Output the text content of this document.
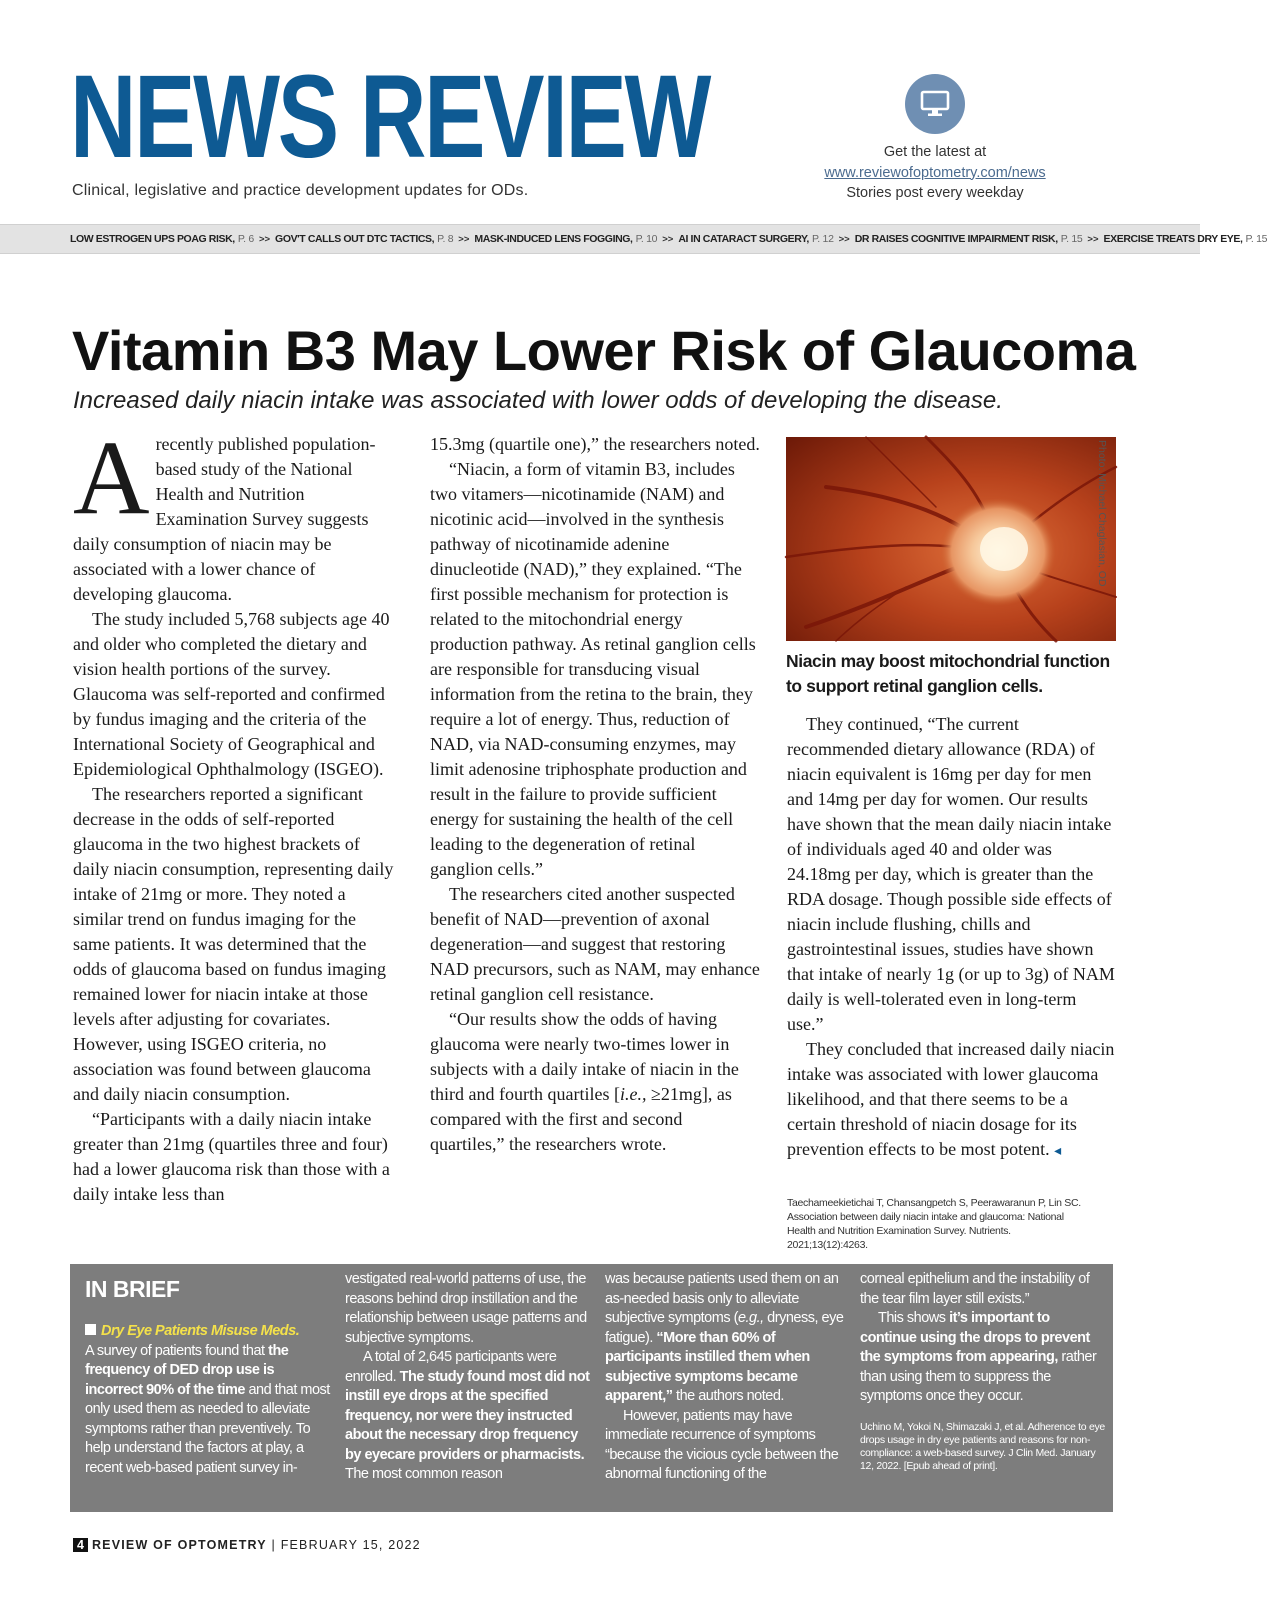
NEWS REVIEW
Clinical, legislative and practice development updates for ODs.
Get the latest at
www.reviewofoptometry.com/news
Stories post every weekday
LOW ESTROGEN UPS POAG RISK, P. 6 >> GOV'T CALLS OUT DTC TACTICS, P. 8 >> MASK-INDUCED LENS FOGGING, P. 10 >> AI IN CATARACT SURGERY, P. 12 >> DR RAISES COGNITIVE IMPAIRMENT RISK, P. 15 >> EXERCISE TREATS DRY EYE, P. 15
Vitamin B3 May Lower Risk of Glaucoma
Increased daily niacin intake was associated with lower odds of developing the disease.

Arecently published population-based study of the National Health and Nutrition Examination Survey suggests daily consumption of niacin may be associated with a lower chance of developing glaucoma.

The study included 5,768 subjects age 40 and older who completed the dietary and vision health portions of the survey. Glaucoma was self-reported and confirmed by fundus imaging and the criteria of the International Society of Geographical and Epidemiological Ophthalmology (ISGEO).

The researchers reported a significant decrease in the odds of self-reported glaucoma in the two highest brackets of daily niacin consumption, representing daily intake of 21mg or more. They noted a similar trend on fundus imaging for the same patients. It was determined that the odds of glaucoma based on fundus imaging remained lower for niacin intake at those levels after adjusting for covariates. However, using ISGEO criteria, no association was found between glaucoma and daily niacin consumption.

“Participants with a daily niacin intake greater than 21mg (quartiles three and four) had a lower glaucoma risk than those with a daily intake less than

15.3mg (quartile one),” the researchers noted.

“Niacin, a form of vitamin B3, includes two vitamers—nicotinamide (NAM) and nicotinic acid—involved in the synthesis pathway of nicotinamide adenine dinucleotide (NAD),” they explained. “The first possible mechanism for protection is related to the mitochondrial energy production pathway. As retinal ganglion cells are responsible for transducing visual information from the retina to the brain, they require a lot of energy. Thus, reduction of NAD, via NAD-consuming enzymes, may limit adenosine triphosphate production and result in the failure to provide sufficient energy for sustaining the health of the cell leading to the degeneration of retinal ganglion cells.”

The researchers cited another suspected benefit of NAD—prevention of axonal degeneration—and suggest that restoring NAD precursors, such as NAM, may enhance retinal ganglion cell resistance.

“Our results show the odds of having glaucoma were nearly two-times lower in subjects with a daily intake of niacin in the third and fourth quartiles [i.e., ≥21mg], as compared with the first and second quartiles,” the researchers wrote.

Photo: Michael Chaglasian, OD
Niacin may boost mitochondrial function to support retinal ganglion cells.

They continued, “The current recommended dietary allowance (RDA) of niacin equivalent is 16mg per day for men and 14mg per day for women. Our results have shown that the mean daily niacin intake of individuals aged 40 and older was 24.18mg per day, which is greater than the RDA dosage. Though possible side effects of niacin include flushing, chills and gastrointestinal issues, studies have shown that intake of nearly 1g (or up to 3g) of NAM daily is well-tolerated even in long-term use.”

They concluded that increased daily niacin intake was associated with lower glaucoma likelihood, and that there seems to be a certain threshold of niacin dosage for its prevention effects to be most potent. ◂

Taechameekietichai T, Chansangpetch S, Peerawaranun P, Lin SC. Association between daily niacin intake and glaucoma: National Health and Nutrition Examination Survey. Nutrients. 2021;13(12):4263.
IN BRIEF
Dry Eye Patients Misuse Meds.

A survey of patients found that the frequency of DED drop use is incorrect 90% of the time and that most only used them as needed to alleviate symptoms rather than preventively. To help understand the factors at play, a recent web-based patient survey in-

vestigated real-world patterns of use, the reasons behind drop instillation and the relationship between usage patterns and subjective symptoms.

A total of 2,645 participants were enrolled. The study found most did not instill eye drops at the specified frequency, nor were they instructed about the necessary drop frequency by eyecare providers or pharmacists. The most common reason

was because patients used them on an as-needed basis only to alleviate subjective symptoms (e.g., dryness, eye fatigue). “More than 60% of participants instilled them when subjective symptoms became apparent,” the authors noted.

However, patients may have immediate recurrence of symptoms “because the vicious cycle between the abnormal functioning of the

corneal epithelium and the instability of the tear film layer still exists.”

This shows it’s important to continue using the drops to prevent the symptoms from appearing, rather than using them to suppress the symptoms once they occur.

Uchino M, Yokoi N, Shimazaki J, et al. Adherence to eye drops usage in dry eye patients and reasons for non-compliance: a web-based survey. J Clin Med. January 12, 2022. [Epub ahead of print].
4 REVIEW OF OPTOMETRY | FEBRUARY 15, 2022
